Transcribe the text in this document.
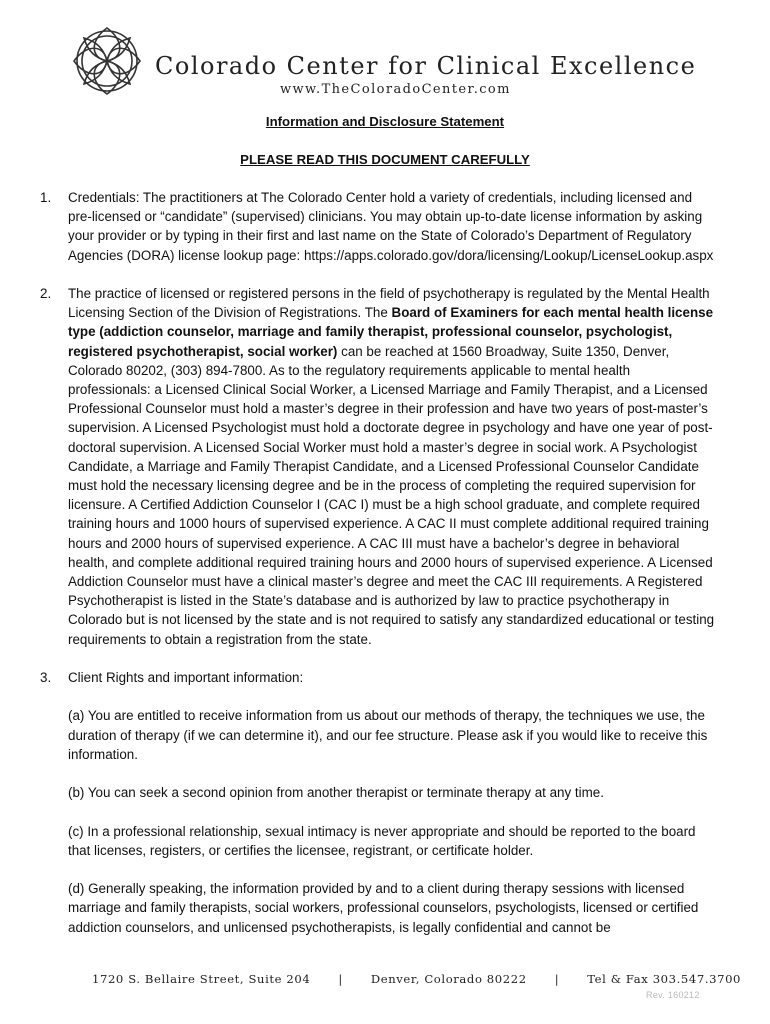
Colorado Center for Clinical Excellence
www.TheColoradoCenter.com
Information and Disclosure Statement
PLEASE READ THIS DOCUMENT CAREFULLY
1.	Credentials: The practitioners at The Colorado Center hold a variety of credentials, including licensed and pre-licensed or “candidate” (supervised) clinicians. You may obtain up-to-date license information by asking your provider or by typing in their first and last name on the State of Colorado’s Department of Regulatory Agencies (DORA) license lookup page: https://apps.colorado.gov/dora/licensing/Lookup/LicenseLookup.aspx
2.	The practice of licensed or registered persons in the field of psychotherapy is regulated by the Mental Health Licensing Section of the Division of Registrations. The Board of Examiners for each mental health license type (addiction counselor, marriage and family therapist, professional counselor, psychologist, registered psychotherapist, social worker) can be reached at 1560 Broadway, Suite 1350, Denver, Colorado 80202, (303) 894-7800. As to the regulatory requirements applicable to mental health professionals: a Licensed Clinical Social Worker, a Licensed Marriage and Family Therapist, and a Licensed Professional Counselor must hold a master’s degree in their profession and have two years of post-master’s supervision. A Licensed Psychologist must hold a doctorate degree in psychology and have one year of post-doctoral supervision. A Licensed Social Worker must hold a master’s degree in social work. A Psychologist Candidate, a Marriage and Family Therapist Candidate, and a Licensed Professional Counselor Candidate must hold the necessary licensing degree and be in the process of completing the required supervision for licensure. A Certified Addiction Counselor I (CAC I) must be a high school graduate, and complete required training hours and 1000 hours of supervised experience. A CAC II must complete additional required training hours and 2000 hours of supervised experience. A CAC III must have a bachelor’s degree in behavioral health, and complete additional required training hours and 2000 hours of supervised experience. A Licensed Addiction Counselor must have a clinical master’s degree and meet the CAC III requirements. A Registered Psychotherapist is listed in the State’s database and is authorized by law to practice psychotherapy in Colorado but is not licensed by the state and is not required to satisfy any standardized educational or testing requirements to obtain a registration from the state.
3.	Client Rights and important information:
(a) You are entitled to receive information from us about our methods of therapy, the techniques we use, the duration of therapy (if we can determine it), and our fee structure. Please ask if you would like to receive this information.
(b) You can seek a second opinion from another therapist or terminate therapy at any time.
(c) In a professional relationship, sexual intimacy is never appropriate and should be reported to the board that licenses, registers, or certifies the licensee, registrant, or certificate holder.
(d) Generally speaking, the information provided by and to a client during therapy sessions with licensed marriage and family therapists, social workers, professional counselors, psychologists, licensed or certified addiction counselors, and unlicensed psychotherapists, is legally confidential and cannot be
1720 S. Bellaire Street, Suite 204 | Denver, Colorado 80222 | Tel & Fax 303.547.3700
Rev. 160212
